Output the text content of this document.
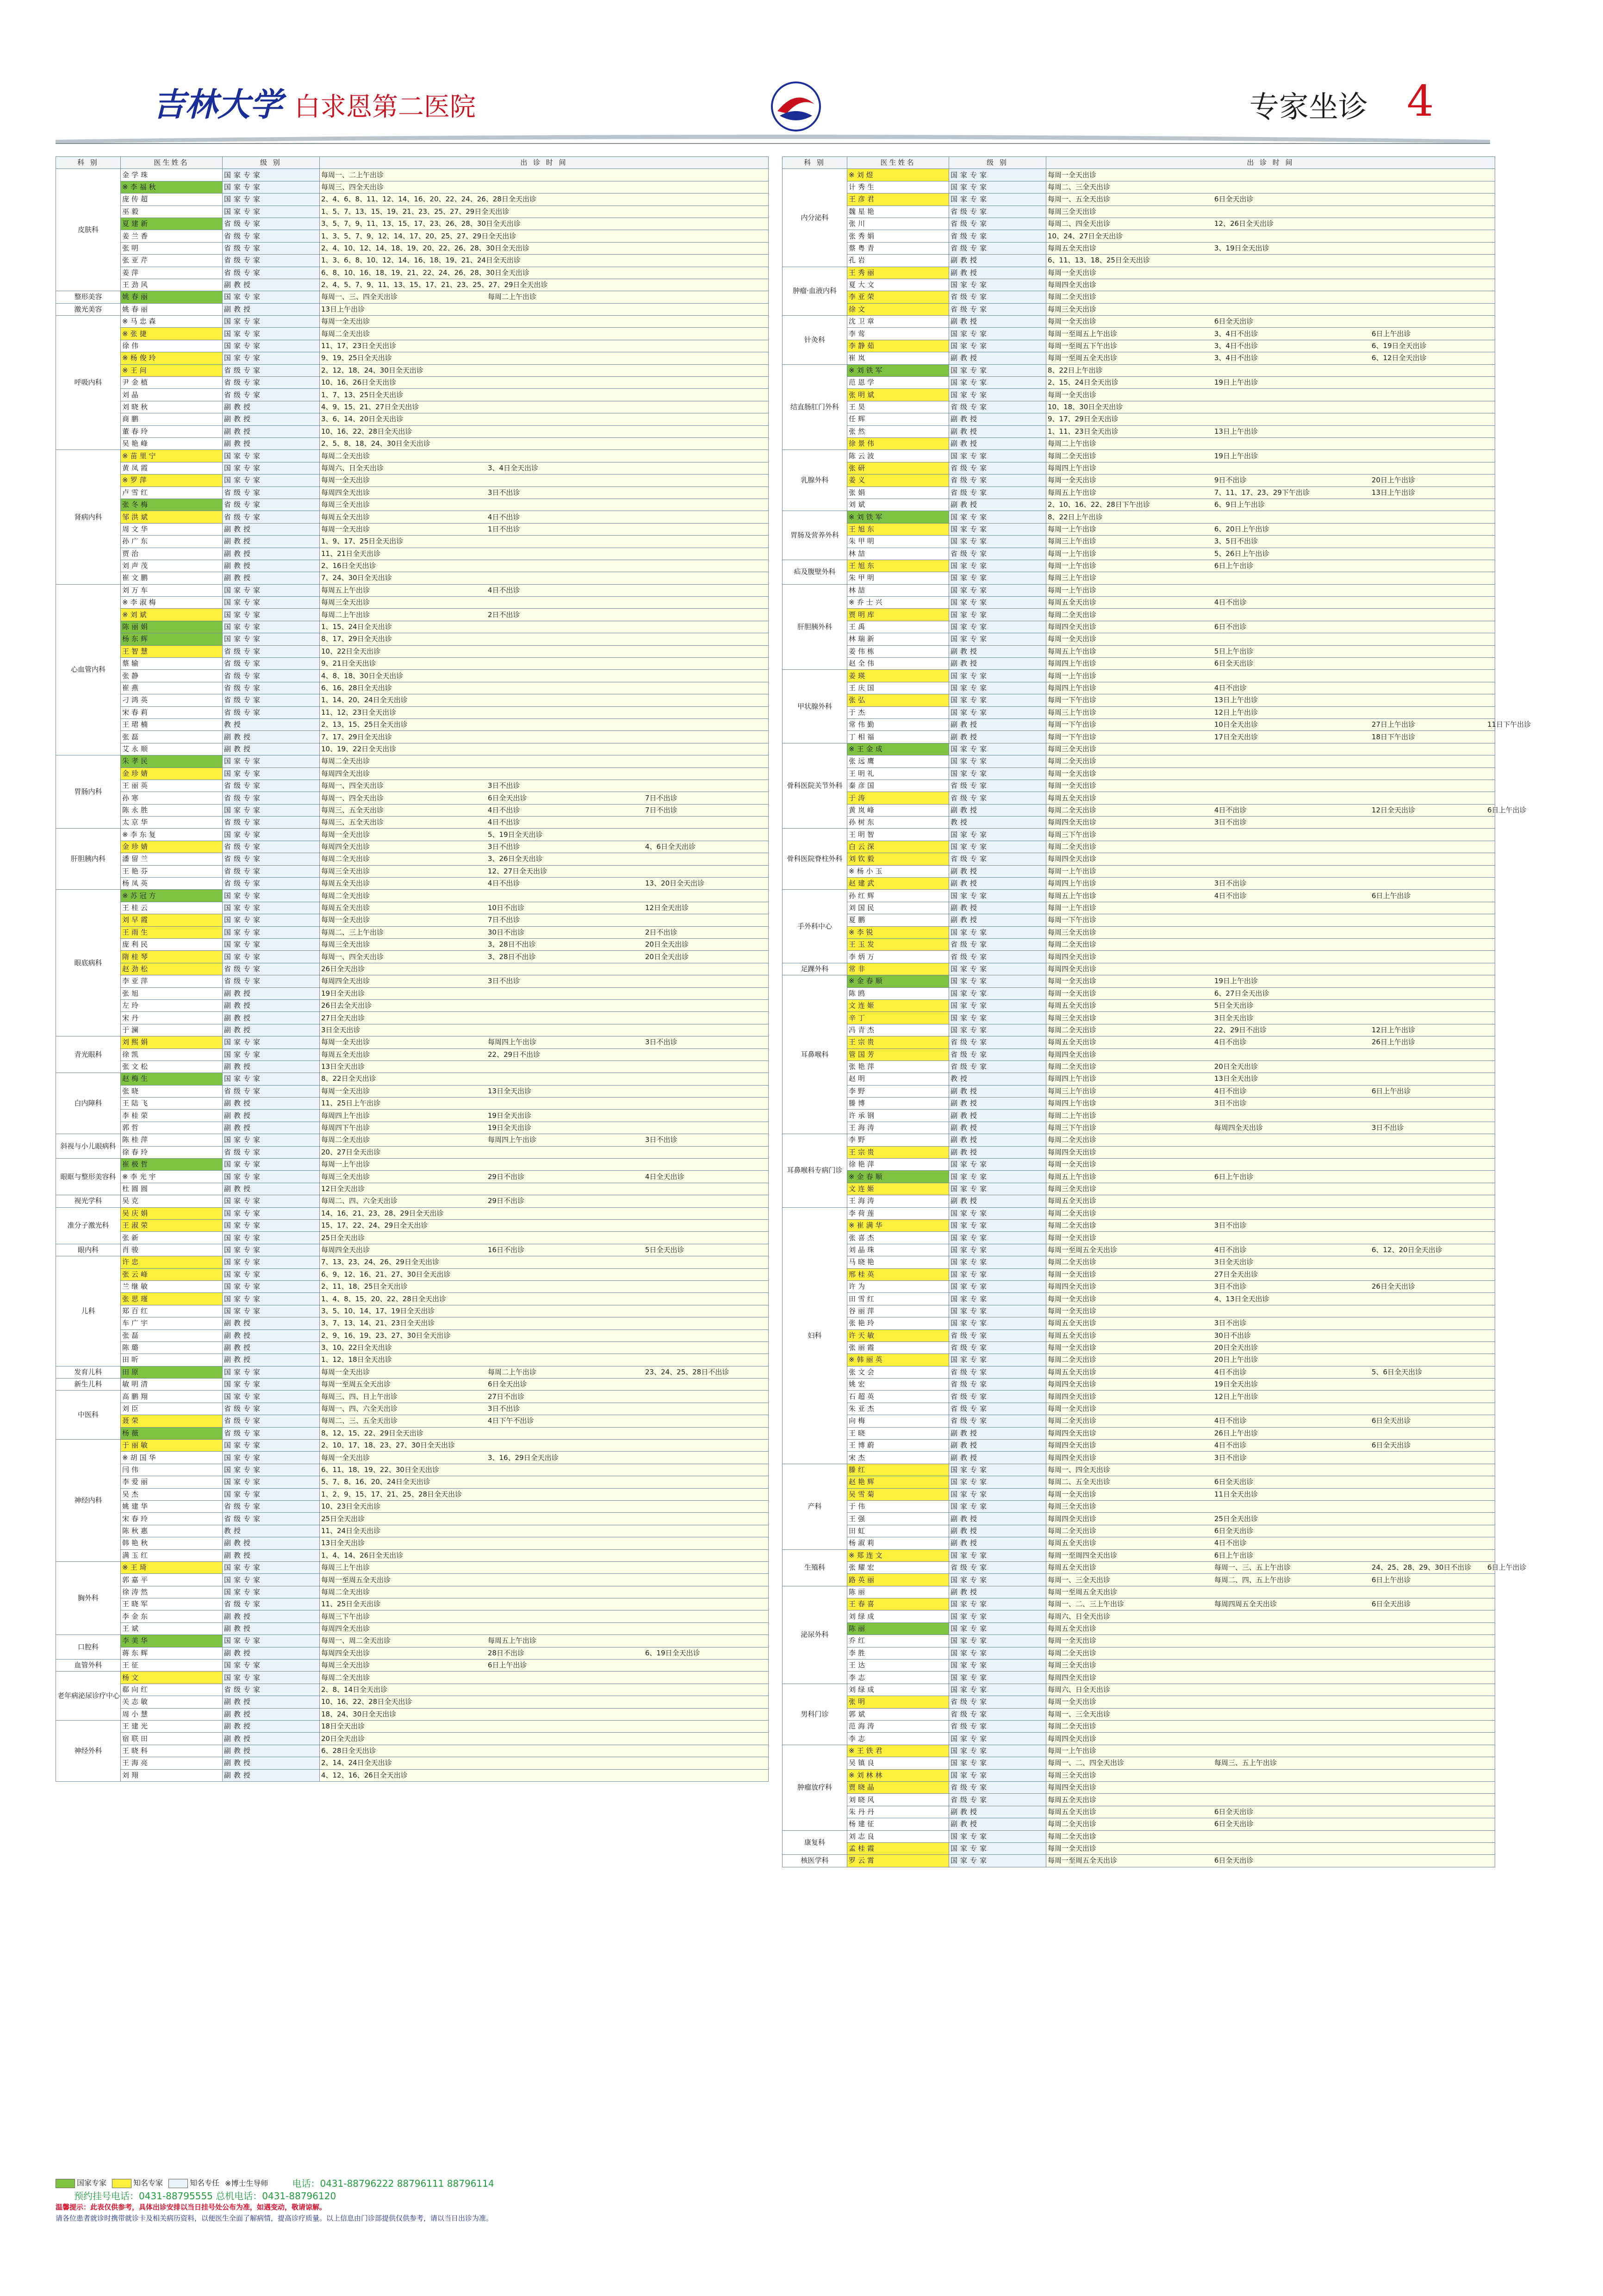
吉林大学 白求恩第二医院	专家坐诊 4
科 别	医生姓名	级 别	出 诊 时 间
皮肤科	金学珠	国家专家	每周一、二上午出诊
	※李福秋	国家专家	每周三、四全天出诊
	庞传超	国家专家	2、4、6、8、11、12、14、16、20、22、24、26、28日全天出诊
	巫毅	国家专家	1、5、7、13、15、19、21、23、25、27、29日全天出诊
	夏建新	省级专家	3、5、7、9、11、13、15、17、23、26、28、30日全天出诊
	姜兰香	省级专家	1、3、5、7、9、12、14、17、20、25、27、29日全天出诊
	张明	省级专家	2、4、10、12、14、18、19、20、22、26、28、30日全天出诊
	张亚芹	省级专家	1、3、6、8、10、12、14、16、18、19、21、24日全天出诊
	姜萍	省级专家	6、8、10、16、18、19、21、22、24、26、28、30日全天出诊
	王劲风	副教授	2、4、5、7、9、11、13、15、17、21、23、25、27、29日全天出诊
整形美容	姚春丽	国家专家	每周一、三、四全天出诊 每周二上午出诊
激光美容	姚春丽	副教授	13日上午出诊
呼吸内科	※马忠森	国家专家	每周一全天出诊
	※张捷	国家专家	每周二全天出诊
	徐伟	国家专家	11、17、23日全天出诊
	※杨俊玲	国家专家	9、19、25日全天出诊
	※王问	省级专家	2、12、18、24、30日全天出诊
	尹金植	省级专家	10、16、26日全天出诊
	刘晶	省级专家	1、7、13、25日全天出诊
	刘晓秋	副教授	4、9、15、21、27日全天出诊
	商鹏	副教授	3、6、14、20日全天出诊
	董春玲	副教授	10、16、22、28日全天出诊
	吴艳峰	副教授	2、5、8、18、24、30日全天出诊
肾病内科	※苗里宁	国家专家	每周二全天出诊
	黄凤霞	国家专家	每周六、日全天出诊 3、4日全天出诊
	※罗萍	国家专家	每周一全天出诊
	卢雪红	省级专家	每周四全天出诊 3日不出诊
	张冬梅	省级专家	每周三全天出诊
	邹洪斌	省级专家	每周五全天出诊 4日不出诊
	周文华	副教授	每周一全天出诊 1日不出诊
	孙广东	副教授	1、9、17、25日全天出诊
	贾治	副教授	11、21日全天出诊
	刘声茂	副教授	2、16日全天出诊
	崔文鹏	副教授	7、24、30日全天出诊
心血管内科	刘万车	国家专家	每周五上午出诊 4日不出诊
	※李淑梅	国家专家	每周三全天出诊
	※刘斌	国家专家	每周二上午出诊 2日不出诊
	陈丽娟	国家专家	1、15、24日全天出诊
	杨东辉	国家专家	8、17、29日全天出诊
	王智慧	省级专家	10、22日全天出诊
	蔡输	省级专家	9、21日全天出诊
	张静	省级专家	4、8、18、30日全天出诊
	崔燕	省级专家	6、16、28日全天出诊
	刁鸿英	省级专家	1、14、20、24日全天出诊
	宋春莉	省级专家	11、12、23日全天出诊
	王珺楠	教授	2、13、15、25日全天出诊
	张磊	副教授	7、17、29日全天出诊
	艾永顺	副教授	10、19、22日全天出诊
胃肠内科	朱孝民	国家专家	每周二全天出诊
	金珍婧	国家专家	每周四全天出诊
	王丽英	省级专家	每周一、四全天出诊 3日不出诊
	孙寒	省级专家	每周一、四全天出诊 6日全天出诊 7日不出诊
	陈永胜	国家专家	每周三、五全天出诊 4日不出诊 7日不出诊
	太京华	省级专家	每周三、五全天出诊 4日不出诊
肝胆胰内科	※李东复	国家专家	每周一全天出诊 5、19日全天出诊
	金珍婧	省级专家	每周四全天出诊 3日不出诊 4、6日全天出诊
	潘留兰	省级专家	每周二全天出诊 3、26日全天出诊
	王艳芬	省级专家	每周三全天出诊 12、27日全天出诊
	杨凤英	省级专家	每周五全天出诊 4日不出诊 13、20日全天出诊
眼底病科	※苏冠方	国家专家	每周二全天出诊
	王桂云	国家专家	每周五全天出诊 10日不出诊 12日全天出诊
	刘早霞	国家专家	每周一全天出诊 7日不出诊
	王雨生	国家专家	每周二、三上午出诊 30日不出诊 2日不出诊
	庞利民	国家专家	每周三全天出诊 3、28日不出诊 20日全天出诊
	隋桂琴	国家专家	每周一、四全天出诊 3、28日不出诊 20日全天出诊
	赵劲松	省级专家	26日全天出诊
	李亚萍	省级专家	每周四全天出诊 3日不出诊
	张旭	副教授	19日全天出诊
	左玲	副教授	26日去全天出诊
	宋丹	副教授	27日全天出诊
	于澜	副教授	3日全天出诊
青光眼科	刘熙娟	国家专家	每周一全天出诊 每周四上午出诊 3日不出诊
	徐凯	国家专家	每周五全天出诊 22、29日不出诊
	张文松	副教授	13日全天出诊
白内障科	赵梅生	国家专家	8、22日全天出诊
	张晓	省级专家	每周一全天出诊 13日全天出诊
	王陆飞	副教授	11、25日上午出诊
	李桂荣	副教授	每周四上午出诊 19日全天出诊
	郭哲	副教授	每周四下午出诊 19日全天出诊
斜视与小儿眼病科	陈桂萍	国家专家	每周二全天出诊 每周四上午出诊 3日不出诊
	徐春玲	省级专家	20、27日全天出诊
眼眶与整形美容科	崔极哲	国家专家	每周一上午出诊
	※李光宇	国家专家	每周三全天出诊 29日不出诊 4日全天出诊
	杜圆圆	副教授	12日全天出诊
视光学科	吴克	国家专家	每周二、四、六全天出诊 29日不出诊
准分子激光科	吴庆娟	国家专家	14、16、21、23、28、29日全天出诊
	王淑荣	国家专家	15、17、22、24、29日全天出诊
	张新	国家专家	25日全天出诊
眼内科	肖骏	国家专家	每周四全天出诊 16日不出诊 5日全天出诊
儿科	许忠	国家专家	7、13、23、24、26、29日全天出诊
	张云峰	国家专家	6、9、12、16、21、27、30日全天出诊
	兰继敏	国家专家	2、11、18、25日全天出诊
	张思瑾	国家专家	1、4、8、15、20、22、28日全天出诊
	郑百红	国家专家	3、5、10、14、17、19日全天出诊
	车广宇	副教授	3、7、13、14、21、23日全天出诊
	张磊	副教授	2、9、16、19、23、27、30日全天出诊
	陈璐	副教授	3、10、22日全天出诊
	田昕	副教授	1、12、18日全天出诊
发育儿科	田原	国家专家	每周一全天出诊 每周二上午出诊 23、24、25、28日不出诊
新生儿科	敏明清	国家专家	每周一至周五全天出诊 6日全天出诊
中医科	高鹏翔	国家专家	每周三、四、日上午出诊 27日不出诊
	刘臣	省级专家	每周一、四、六全天出诊 3日不出诊
	聂荣	省级专家	每周二、三、五全天出诊 4日下午不出诊
	杨薇	省级专家	8、12、15、22、29日全天出诊
神经内科	于丽敏	国家专家	2、10、17、18、23、27、30日全天出诊
	※胡国华	国家专家	每周一全天出诊 3、16、29日全天出诊
	闫伟	国家专家	6、11、18、19、22、30日全天出诊
	李爱丽	国家专家	5、7、8、16、20、24日全天出诊
	吴杰	国家专家	1、2、9、15、17、21、25、28日全天出诊
	姚建华	省级专家	10、23日全天出诊
	宋春玲	省级专家	25日全天出诊
	陈秋惠	教授	11、24日全天出诊
	韩艳秋	副教授	13日全天出诊
	满玉红	副教授	1、4、14、26日全天出诊
胸外科	※王琦	国家专家	每周三上午出诊
	郭嘉平	国家专家	每周一至周五全天出诊
	徐涛然	国家专家	每周二全天出诊
	王晓军	省级专家	11、25日全天出诊
	李金东	副教授	每周三下午出诊
	王斌	副教授	每周四全天出诊
口腔科	李美华	国家专家	每周一、周二全天出诊 每周五上午出诊
	蒋东辉	副教授	每周四全天出诊 28日不出诊 6、19日全天出诊
血管外科	王征	国家专家	每周三全天出诊 6日上午出诊
老年病泌尿诊疗中心	杨文	国家专家	每周二全天出诊
	郗向红	省级专家	2、8、14日全天出诊
	关志敏	副教授	10、16、22、28日全天出诊
	周小慧	副教授	18、24、30日全天出诊
神经外科	王建光	副教授	18日全天出诊
	宿联田	副教授	20日全天出诊
	王晓科	副教授	6、28日全天出诊
	王海亮	副教授	2、14、24日全天出诊
	刘翔	副教授	4、12、16、26日全天出诊
科 别	医生姓名	级 别	出 诊 时 间
内分泌科	※刘煜	国家专家	每周一全天出诊
	计秀生	国家专家	每周二、三全天出诊
	王彦君	国家专家	每周一、五全天出诊 6日全天出诊
	魏星艳	省级专家	每周三全天出诊
	张川	省级专家	每周二、四全天出诊 12、26日全天出诊
	张秀娟	省级专家	10、24、27日全天出诊
	蔡粤青	省级专家	每周五全天出诊 3、19日全天出诊
	孔岩	副教授	6、11、13、18、25日全天出诊
肿瘤·血液内科	王秀丽	副教授	每周一全天出诊
	夏大文	国家专家	每周四全天出诊
	李亚荣	省级专家	每周二全天出诊
	徐文	省级专家	每周三全天出诊
针灸科	沈卫章	副教授	每周一全天出诊 6日全天出诊
	李莺	国家专家	每周一至周五上午出诊 3、4日不出诊 6日上午出诊
	李静茹	国家专家	每周一至周五下午出诊 3、4日不出诊 6、19日全天出诊
	崔岚	副教授	每周一至周五全天出诊 3、4日不出诊 6、12日全天出诊
结直肠肛门外科	※刘铁军	国家专家	8、22日上午出诊
	范恩学	国家专家	2、15、24日全天出诊 19日上午出诊
	张明斌	国家专家	每周一全天出诊
	王昊	省级专家	10、18、30日全天出诊
	任辉	副教授	9、17、29日全天出诊
	张然	副教授	1、11、23日全天出诊 13日上午出诊
	徐景伟	副教授	每周二上午出诊
乳腺外科	陈云波	国家专家	每周二全天出诊 19日上午出诊
	张研	省级专家	每周四上午出诊
	姜义	省级专家	每周一全天出诊 9日不出诊 20日上午出诊
	张娟	省级专家	每周五上午出诊 7、11、17、23、29下午出诊 13日上午出诊
	刘斌	副教授	2、10、16、22、28日下午出诊 6、9日上午出诊
胃肠及营养外科	※刘铁军	国家专家	8、22日上午出诊
	王旭东	国家专家	每周一上午出诊 6、20日上午出诊
	朱甲明	国家专家	每周三上午出诊 3、5日不出诊
	林喆	省级专家	每周一上午出诊 5、26日上午出诊
疝及腹壁外科	王旭东	国家专家	每周一上午出诊 6日上午出诊
	朱甲明	国家专家	每周三上午出诊
肝胆胰外科	林喆	国家专家	每周一上午出诊
	※乔士兴	国家专家	每周五全天出诊 4日不出诊
	贾明库	国家专家	每周二全天出诊
	王禹	国家专家	每周四全天出诊 6日不出诊
	林瑞新	国家专家	每周一全天出诊
	姜伟栋	副教授	每周五上午出诊 5日上午出诊
	赵全伟	副教授	每周四上午出诊 6日全天出诊
甲状腺外科	姜瑛	国家专家	每周一上午出诊
	王庆国	国家专家	每周四上午出诊 4日不出诊
	张弘	国家专家	每周一下午出诊 13日上午出诊
	于杰	国家专家	每周三上午出诊 12日上午出诊
	常伟勤	副教授	每周一下午出诊 10日全天出诊 27日上午出诊 11日下午出诊
	丁相福	副教授	每周一下午出诊 17日全天出诊 18日下午出诊
骨科医院关节外科	※王金成	国家专家	每周三全天出诊
	张远鹰	国家专家	每周二全天出诊
	王明礼	国家专家	每周一全天出诊
	秦彦国	省级专家	每周一全天出诊
	于涛	省级专家	每周五全天出诊
	黄岚峰	副教授	每周二全天出诊 4日不出诊 12日全天出诊 6日上午出诊
	孙树东	教授	每周四全天出诊 3日不出诊
骨科医院脊柱外科	王明智	国家专家	每周三下午出诊
	白云深	国家专家	每周二全天出诊
	刘钦毅	省级专家	每周四全天出诊
	※杨小玉	副教授	每周一上午出诊
	赵建武	副教授	每周四上午出诊 3日不出诊
手外科中心	孙红辉	国家专家	每周五上午出诊 4日不出诊 6日上午出诊
	刘国民	副教授	每周一上午出诊
	夏鹏	副教授	每周一下午出诊
	※李锐	国家专家	每周三全天出诊
	王玉发	省级专家	每周二全天出诊
	李炳万	省级专家	每周四全天出诊
足踝外科	常非	国家专家	每周四全天出诊
耳鼻喉科	※金春顺	国家专家	每周一全天出诊 19日上午出诊
	陈鸥	国家专家	每周一全天出诊 6、27日全天出诊
	文连姬	国家专家	每周五全天出诊 5日全天出诊
	辛丁	国家专家	每周三全天出诊 3日全天出诊
	冯青杰	国家专家	每周二全天出诊 22、29日不出诊 12日上午出诊
	王宗贵	省级专家	每周五全天出诊 4日不出诊 26日上午出诊
	管国芳	省级专家	每周四全天出诊
	张艳萍	省级专家	每周二全天出诊 20日全天出诊
	赵明	教授	每周四上午出诊 13日全天出诊
	李野	副教授	每周三上午出诊 4日不出诊 6日上午出诊
	滕博	副教授	每周四上午出诊 3日不出诊
	许承钢	副教授	每周二上午出诊
	王海涛	副教授	每周三下午出诊 每周四全天出诊 3日不出诊
耳鼻喉科专病门诊	李野	副教授	每周二全天出诊
	王宗贵	副教授	每周四全天出诊
	徐艳萍	国家专家	每周一全天出诊
	※金春顺	国家专家	每周五上午出诊 6日上午出诊
	文连姬	国家专家	每周三全天出诊
	王海涛	副教授	每周五全天出诊
妇科	李荷莲	国家专家	每周二全天出诊
	※崔满华	国家专家	每周二全天出诊 3日不出诊
	张喜杰	国家专家	每周一全天出诊
	刘晶珠	国家专家	每周一至周五全天出诊 4日不出诊 6、12、20日全天出诊
	马晓艳	国家专家	每周二全天出诊 3日全天出诊
	邢桂英	国家专家	每周一全天出诊 27日全天出诊
	许为	国家专家	每周四全天出诊 3日不出诊 26日全天出诊
	田雪红	国家专家	每周一全天出诊 4、13日全天出诊
	谷丽萍	国家专家	每周一全天出诊
	张艳玲	国家专家	每周五全天出诊 3日不出诊
	许天敏	省级专家	每周五全天出诊 30日不出诊
	张丽霞	省级专家	每周一全天出诊 20日全天出诊
	※韩丽英	国家专家	每周二全天出诊 20日上午出诊
	张文会	省级专家	每周五全天出诊 4日不出诊 5、6日全天出诊
	姚宏	省级专家	每周四全天出诊 19日全天出诊
	石超英	省级专家	每周四全天出诊 12日上午出诊
	朱亚杰	省级专家	每周一全天出诊
	向梅	省级专家	每周二全天出诊 4日不出诊 6日全天出诊
	王晓	副教授	每周四全天出诊 26日上午出诊
	王博蔚	副教授	每周四全天出诊 4日不出诊 6日全天出诊
	宋杰	副教授	每周四全天出诊 3日不出诊
产科	滕红	国家专家	每周一、四全天出诊
	赵艳辉	国家专家	每周二、五全天出诊 6日全天出诊
	吴雪菊	国家专家	每周一全天出诊 11日全天出诊
	于伟	国家专家	每周三全天出诊
	王强	副教授	每周四全天出诊 25日全天出诊
	田虹	副教授	每周二全天出诊 6日全天出诊
	杨淑莉	副教授	每周五全天出诊 4日不出诊
生殖科	※郑连文	国家专家	每周一至周四全天出诊 6日上午出诊
	张耀宏	省级专家	每周五全天出诊 每周一、三、五上午出诊 24、25、28、29、30日不出诊 6日上午出诊
	路英丽	国家专家	每周一、三全天出诊 每周二、四、五上午出诊 6日上午出诊
泌尿外科	陈丽	副教授	每周一至周五全天出诊
	王春喜	国家专家	每周一、二、三上午出诊 每周四周五全天出诊 6日全天出诊
	刘绿成	国家专家	每周六、日全天出诊
	陈丽	国家专家	每周五全天出诊
	乔红	国家专家	每周一全天出诊
	李胜	国家专家	每周二全天出诊
	王达	国家专家	每周三全天出诊
	李志	国家专家	每周四全天出诊
男科门诊	刘绿成	国家专家	每周六、日全天出诊
	张明	省级专家	每周一全天出诊
	郭斌	省级专家	每周一、三全天出诊
	范海涛	省级专家	每周二全天出诊
	李志	国家专家	每周四全天出诊
肿瘤放疗科	※王铁君	国家专家	每周一上午出诊
	吴镇良	国家专家	每周一、二、四全天出诊 每周三、五上午出诊
	※刘林林	国家专家	每周三全天出诊
	贾晓晶	省级专家	每周四全天出诊
	刘晓风	省级专家	每周五全天出诊
	朱丹丹	副教授	每周五全天出诊 6日全天出诊
	杨建征	副教授	每周二全天出诊 6日全天出诊
康复科	刘志良	国家专家	每周二全天出诊
	孟桂霞	国家专家	每周一全天出诊
核医学科	罗云霄	国家专家	每周一至周五全天出诊 6日全天出诊
国家专家	知名专家	知名专任 ※博士生导师	电话：0431-88796222 88796111 88796114

预约挂号电话：0431-88795555 总机电话：0431-88796120

温馨提示：此表仅供参考，具体出诊安排以当日挂号处公布为准，如遇变动，敬请谅解。

请各位患者就诊时携带就诊卡及相关病历资料，以便医生全面了解病情，提高诊疗质量。以上信息由门诊部提供仅供参考，请以当日出诊为准。
